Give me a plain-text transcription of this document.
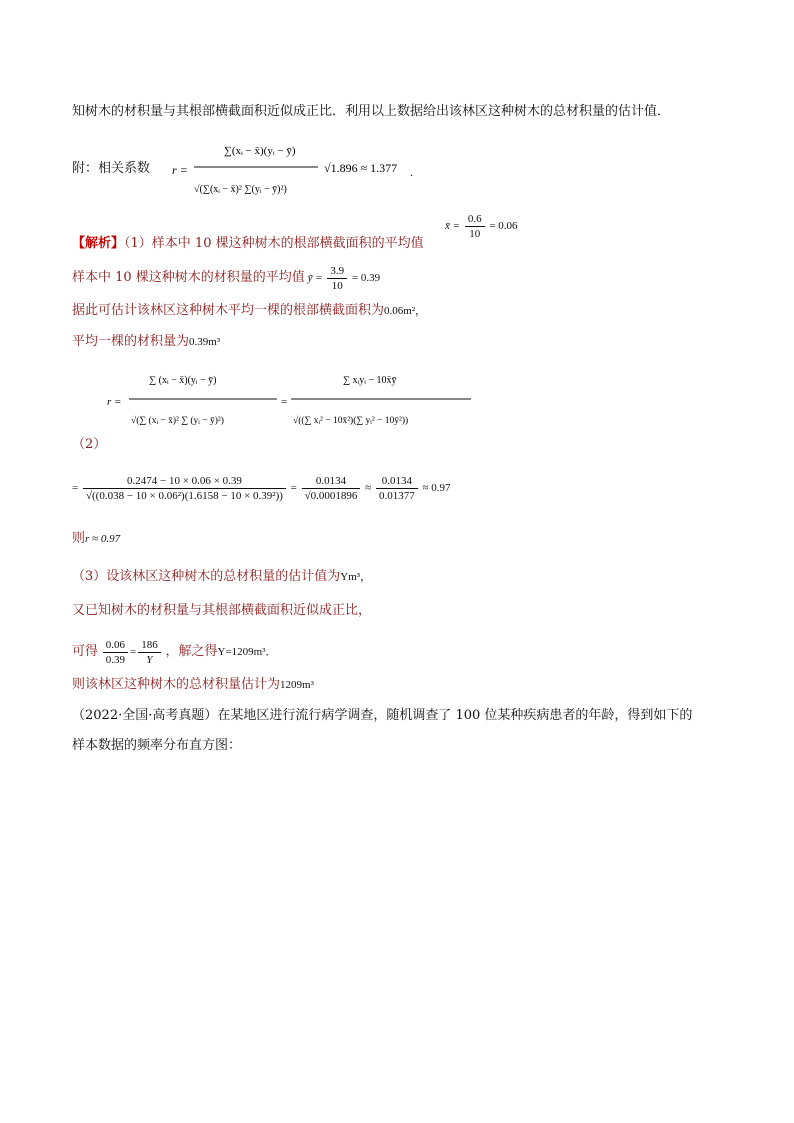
知树木的材积量与其根部横截面积近似成正比．利用以上数据给出该林区这种树木的总材积量的估计值．
附：相关系数 r =
∑(xᵢ − x̄)(yᵢ − ȳ)
√(∑(xᵢ − x̄)² ∑(yᵢ − ȳ)²)
√1.896 ≈ 1.377 .
【解析】（1）样本中 10 棵这种树木的根部横截面积的平均值
x̄ = $\frac{0.6}{10} = 0.06$
样本中 10 棵这种树木的材积量的平均值 ȳ = $\frac{3.9}{10} = 0.39$
据此可估计该林区这种树木平均一棵的根部横截面积为0.06m²，
平均一棵的材积量为0.39m³
r =
∑ (xᵢ − x̄)(yᵢ − ȳ)
√(∑ (xᵢ − x̄)² ∑ (yᵢ − ȳ)²)
=
∑ xᵢyᵢ − 10x̄ȳ
√((∑ xᵢ² − 10x̄²)(∑ yᵢ² − 10ȳ²))
（2）
= $\frac{0.2474 - 10 \times 0.06 \times 0.39}{\text{√((0.038 − 10 × 0.06²)(1.6158 − 10 × 0.39²))}} = \frac{0.0134}{√0.0001896} \approx \frac{0.0134}{0.01377} \approx 0.97$
则r ≈ 0.97
（3）设该林区这种树木的总材积量的估计值为Ym³，
又已知树木的材积量与其根部横截面积近似成正比，
可得 $\frac{0.06}{0.39} = \frac{186}{Y}$ ，解之得Y=1209m³．
则该林区这种树木的总材积量估计为1209m³
（2022·全国·高考真题）在某地区进行流行病学调查，随机调查了 100 位某种疾病患者的年龄，得到如下的
样本数据的频率分布直方图：
